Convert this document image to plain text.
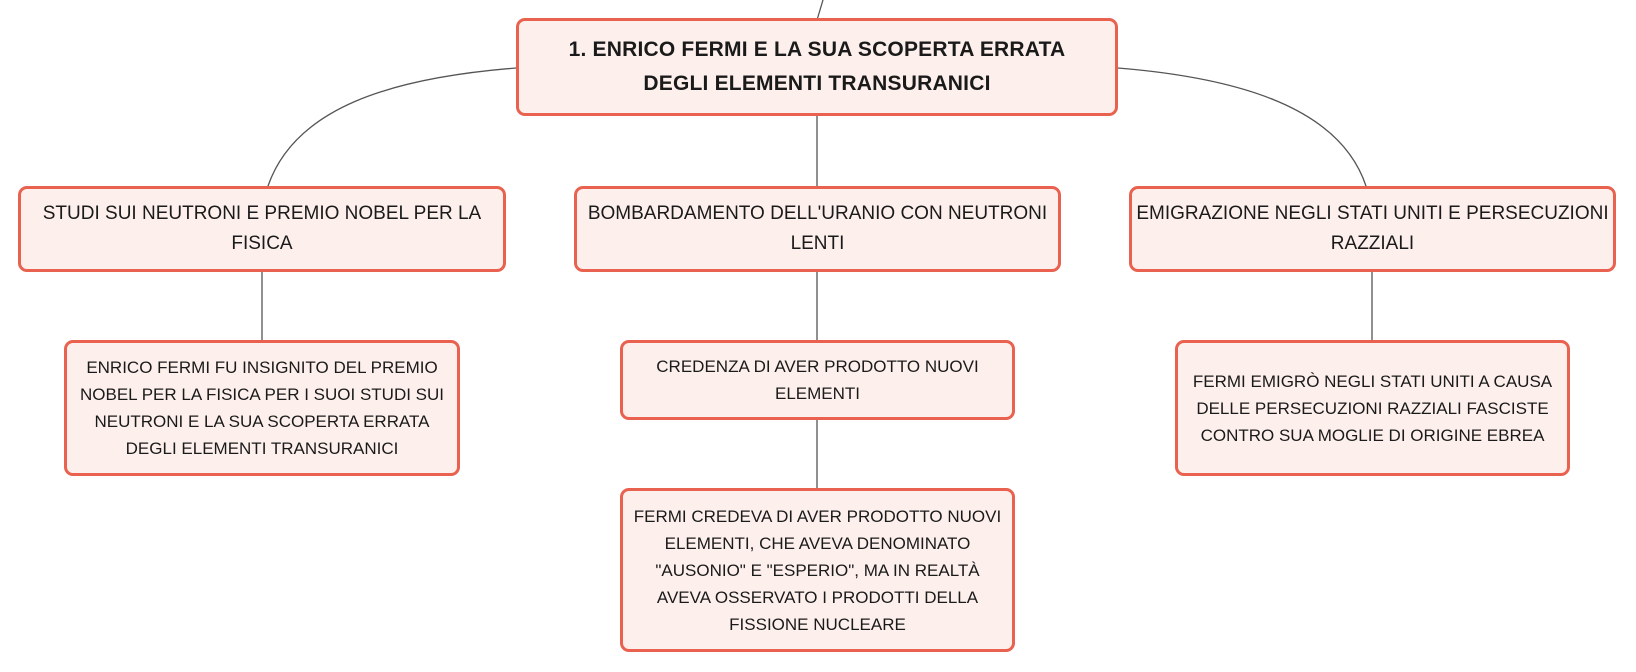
1. ENRICO FERMI E LA SUA SCOPERTA ERRATA DEGLI ELEMENTI TRANSURANICI
STUDI SUI NEUTRONI E PREMIO NOBEL PER LA FISICA
ENRICO FERMI FU INSIGNITO DEL PREMIO NOBEL PER LA FISICA PER I SUOI STUDI SUI NEUTRONI E LA SUA SCOPERTA ERRATA DEGLI ELEMENTI TRANSURANICI
BOMBARDAMENTO DELL'URANIO CON NEUTRONI LENTI
CREDENZA DI AVER PRODOTTO NUOVI ELEMENTI
FERMI CREDEVA DI AVER PRODOTTO NUOVI ELEMENTI, CHE AVEVA DENOMINATO "AUSONIO" E "ESPERIO", MA IN REALTÀ AVEVA OSSERVATO I PRODOTTI DELLA FISSIONE NUCLEARE
EMIGRAZIONE NEGLI STATI UNITI E PERSECUZIONI RAZZIALI
FERMI EMIGRÒ NEGLI STATI UNITI A CAUSA DELLE PERSECUZIONI RAZZIALI FASCISTE CONTRO SUA MOGLIE DI ORIGINE EBREA
